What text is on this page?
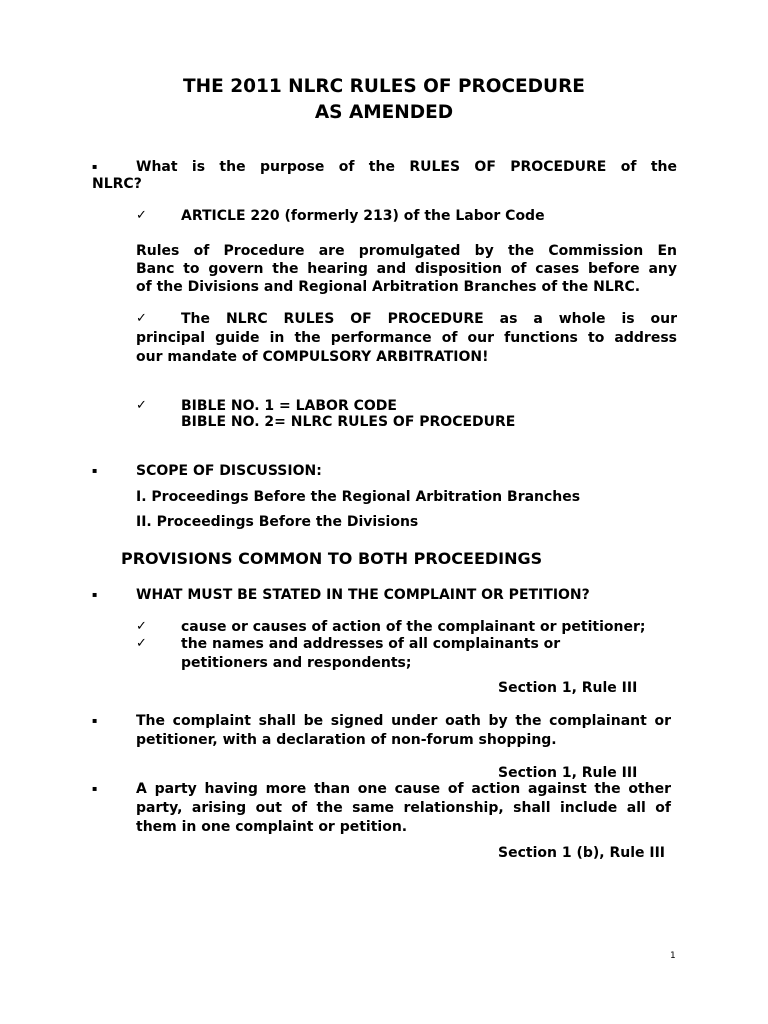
THE 2011 NLRC RULES OF PROCEDURE
AS AMENDED
▪	What is the purpose of the RULES OF PROCEDURE of the
NLRC?
✓ ARTICLE 220 (formerly 213) of the Labor Code
Rules of Procedure are promulgated by the Commission En
Banc to govern the hearing and disposition of cases before any
of the Divisions and Regional Arbitration Branches of the NLRC.
✓ The NLRC RULES OF PROCEDURE as a whole is our
principal guide in the performance of our functions to address
our mandate of COMPULSORY ARBITRATION!
✓ BIBLE NO. 1 = LABOR CODE
BIBLE NO. 2= NLRC RULES OF PROCEDURE
▪	SCOPE OF DISCUSSION:
I. Proceedings Before the Regional Arbitration Branches
II. Proceedings Before the Divisions
PROVISIONS COMMON TO BOTH PROCEEDINGS
▪	WHAT MUST BE STATED IN THE COMPLAINT OR PETITION?
✓ cause or causes of action of the complainant or petitioner;
✓ the names and addresses of all complainants or
petitioners and respondents;
Section 1, Rule III
▪	The complaint shall be signed under oath by the complainant or
petitioner, with a declaration of non-forum shopping.
Section 1, Rule III
▪	A party having more than one cause of action against the other
party, arising out of the same relationship, shall include all of
them in one complaint or petition.
Section 1 (b), Rule III
1
